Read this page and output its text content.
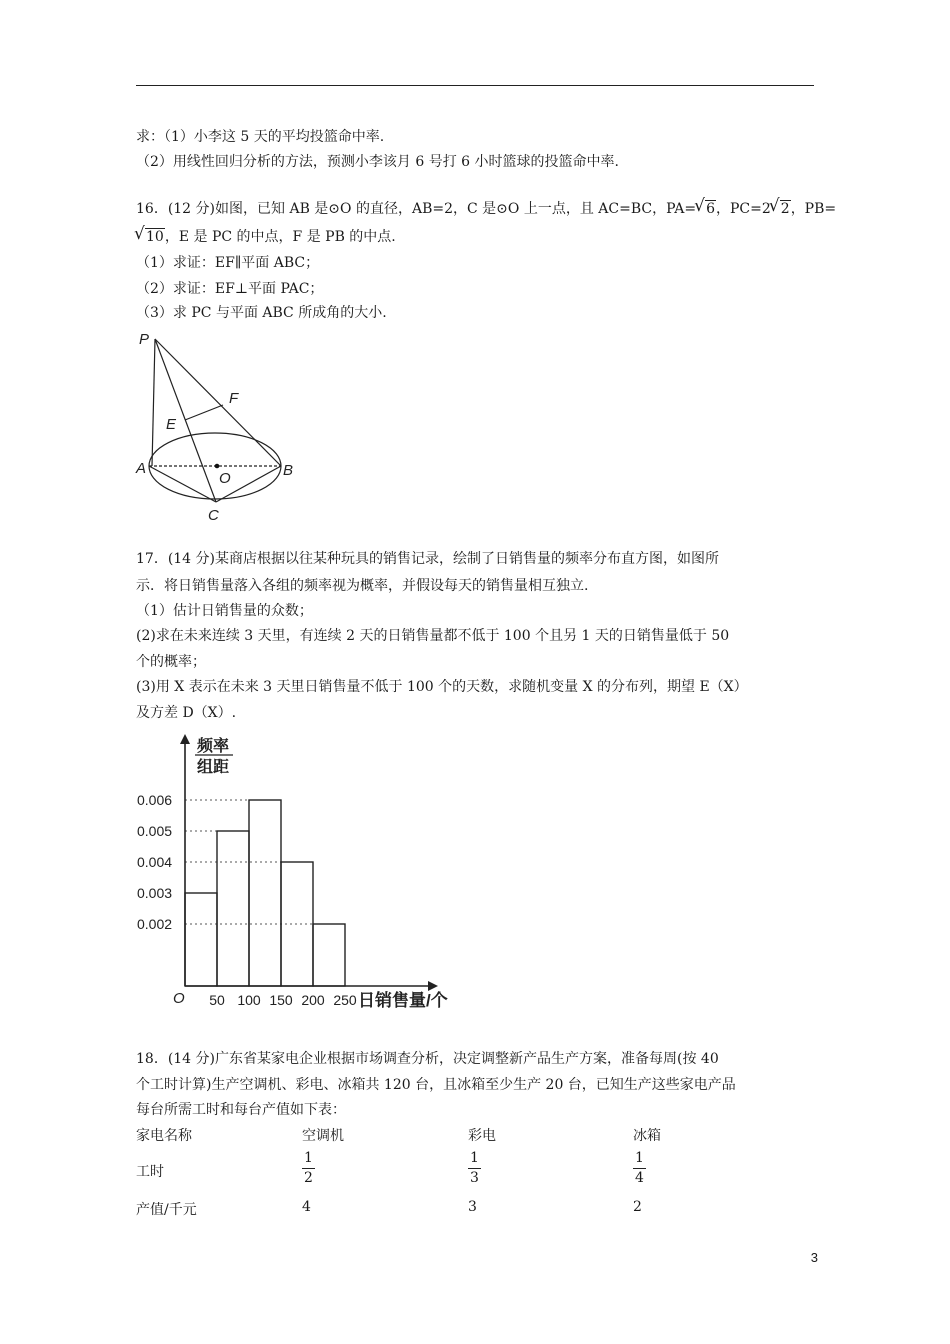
求：（1）小李这 5 天的平均投篮命中率.
（2）用线性回归分析的方法，预测小李该月 6 号打 6 小时篮球的投篮命中率.
16．(12 分)如图，已知 AB 是⊙O 的直径，AB=2，C 是⊙O 上一点，且 AC=BC，PA= √ 6，PC=2 √ 2，PB=
√ 10，E 是 PC 的中点，F 是 PB 的中点.
（1）求证：EF∥平面 ABC；
（2）求证：EF⊥平面 PAC；
（3）求 PC 与平面 ABC 所成角的大小.
P
F
E
A
O	B
C
17．(14 分)某商店根据以往某种玩具的销售记录，绘制了日销售量的频率分布直方图，如图所
示．将日销售量落入各组的频率视为概率，并假设每天的销售量相互独立.
（1）估计日销售量的众数；
(2)求在未来连续 3 天里，有连续 2 天的日销售量都不低于 100 个且另 1 天的日销售量低于 50
个的概率；
(3)用 X 表示在未来 3 天里日销售量不低于 100 个的天数，求随机变量 X 的分布列，期望 E（X）
及方差 D（X）.
频率
组距
O	日销售量/个
0.006
0.005
0.004
0.003
0.002
50 100 150 200 250
18．(14 分)广东省某家电企业根据市场调查分析，决定调整新产品生产方案，准备每周(按 40
个工时计算)生产空调机、彩电、冰箱共 120 台，且冰箱至少生产 20 台，已知生产这些家电产品
每台所需工时和每台产值如下表：
家电名称	空调机	彩电	冰箱
工时	$\frac{1}{2}$	$\frac{1}{3}$	$\frac{1}{4}$
产值/千元	4	3	2
3
